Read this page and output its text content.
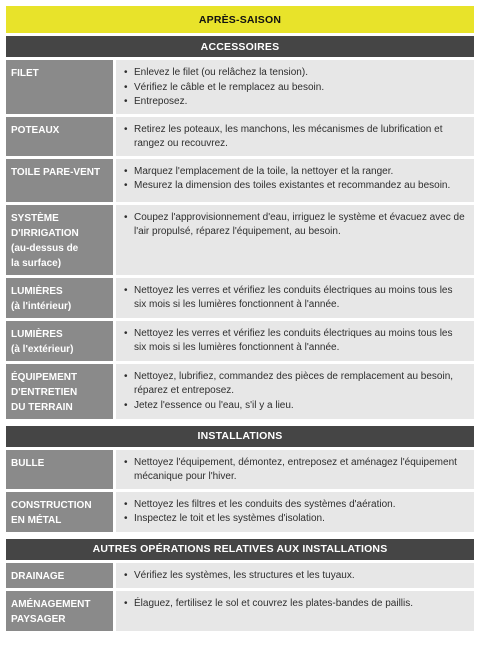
APRÈS-SAISON
ACCESSOIRES
FILET	• Enlevez le filet (ou relâchez la tension).
• Vérifiez le câble et le remplacez au besoin.
• Entreposez.
POTEAUX	• Retirez les poteaux, les manchons, les mécanismes de lubrification et rangez ou recouvrez.
TOILE PARE-VENT	• Marquez l'emplacement de la toile, la nettoyer et la ranger.
• Mesurez la dimension des toiles existantes et recommandez au besoin.
SYSTÈME
D'IRRIGATION
(au-dessus de
la surface)
• Coupez l'approvisionnement d'eau, irriguez le système et évacuez avec de l'air propulsé, réparez l'équipement, au besoin.
LUMIÈRES
(à l'intérieur)
• Nettoyez les verres et vérifiez les conduits électriques au moins tous les six mois si les lumières fonctionnent à l'année.
LUMIÈRES
(à l'extérieur)
• Nettoyez les verres et vérifiez les conduits électriques au moins tous les six mois si les lumières fonctionnent à l'année.
ÉQUIPEMENT
D'ENTRETIEN
DU TERRAIN
• Nettoyez, lubrifiez, commandez des pièces de remplacement au besoin, réparez et entreposez.
• Jetez l'essence ou l'eau, s'il y a lieu.
INSTALLATIONS
BULLE	• Nettoyez l'équipement, démontez, entreposez et aménagez l'équipement mécanique pour l'hiver.
CONSTRUCTION
EN MÉTAL
• Nettoyez les filtres et les conduits des systèmes d'aération.
• Inspectez le toit et les systèmes d'isolation.
AUTRES OPÉRATIONS RELATIVES AUX INSTALLATIONS
DRAINAGE	• Vérifiez les systèmes, les structures et les tuyaux.
AMÉNAGEMENT
PAYSAGER
• Élaguez, fertilisez le sol et couvrez les plates-bandes de paillis.
